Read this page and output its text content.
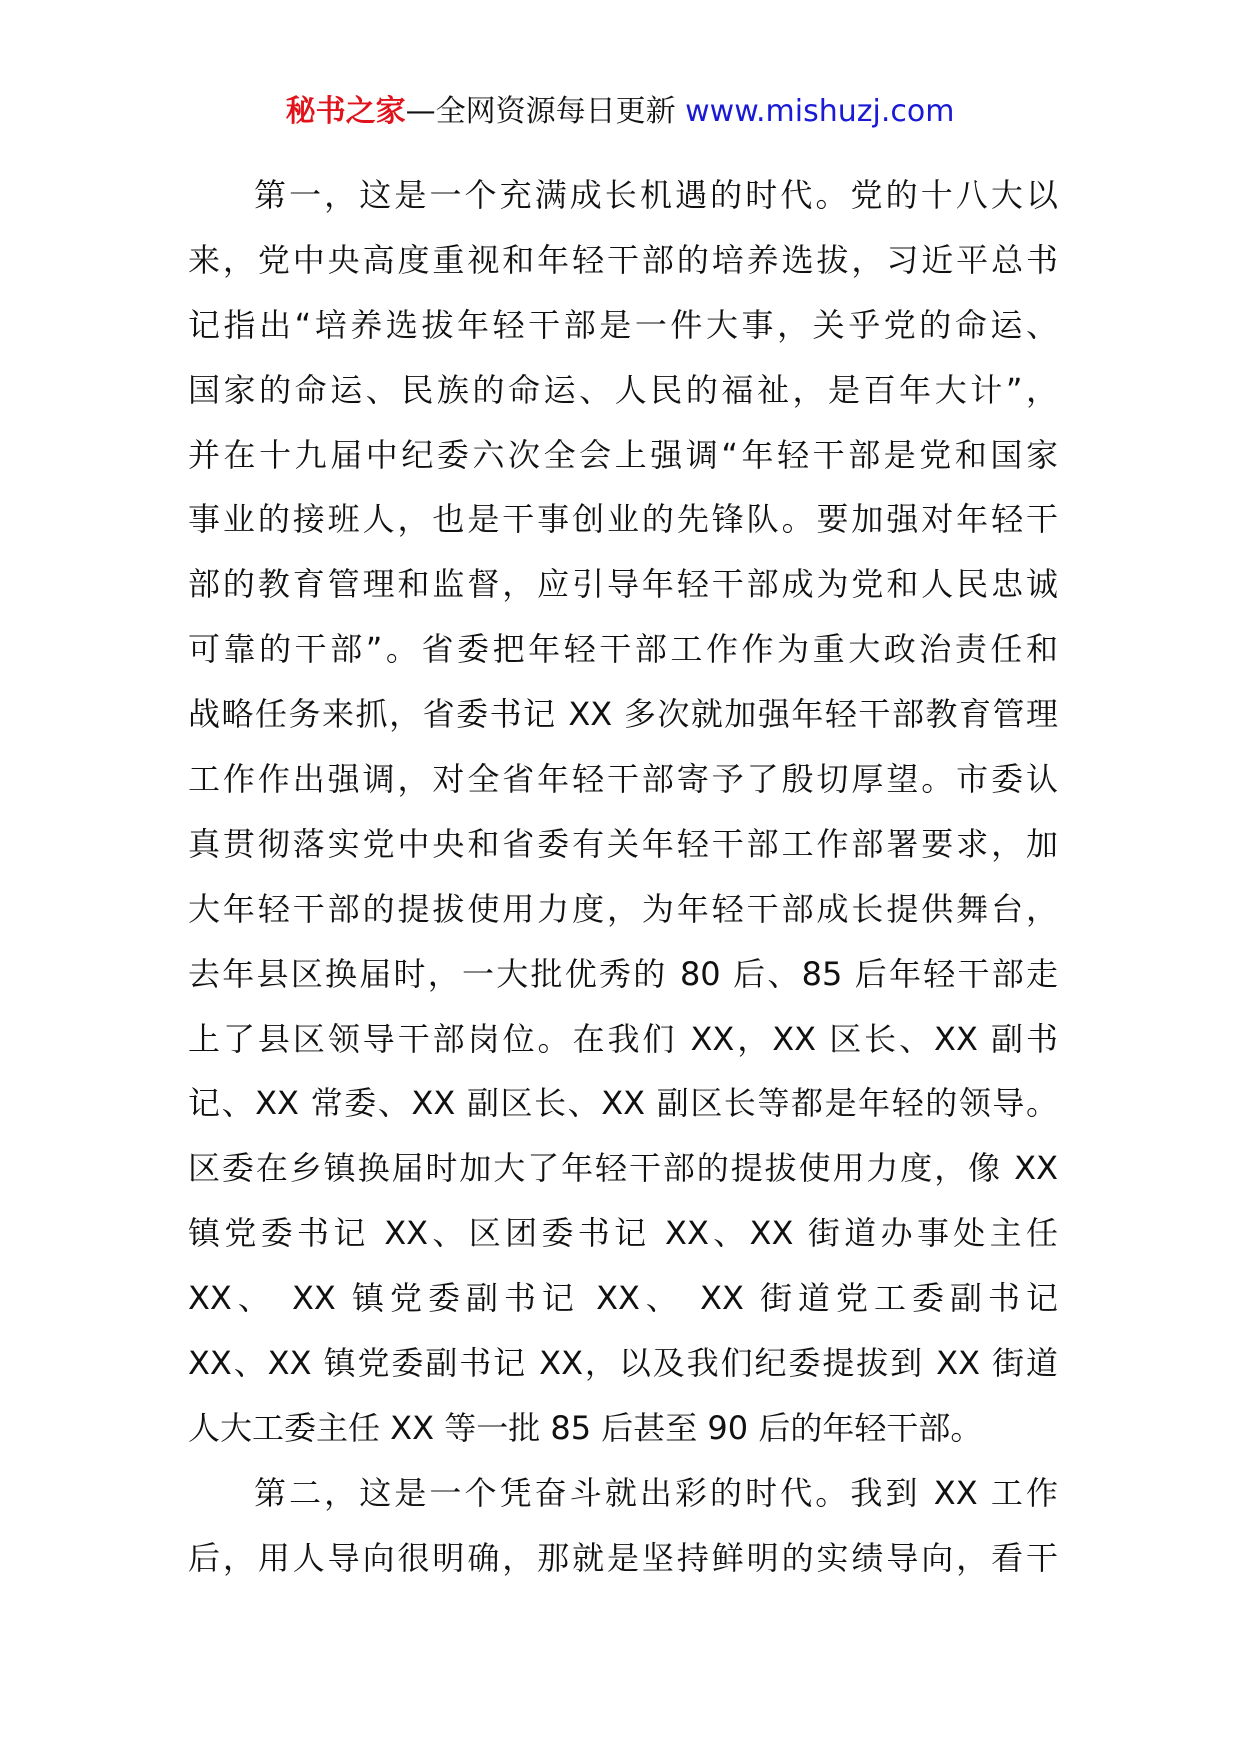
秘书之家—全网资源每日更新 www.mishuzj.com
第一，这是一个充满成长机遇的时代。党的十八大以
来，党中央高度重视和年轻干部的培养选拔，习近平总书
记指出“培养选拔年轻干部是一件大事，关乎党的命运、
国家的命运、民族的命运、人民的福祉，是百年大计”，
并在十九届中纪委六次全会上强调“年轻干部是党和国家
事业的接班人，也是干事创业的先锋队。要加强对年轻干
部的教育管理和监督，应引导年轻干部成为党和人民忠诚
可靠的干部”。省委把年轻干部工作作为重大政治责任和
战略任务来抓，省委书记 XX 多次就加强年轻干部教育管理
工作作出强调，对全省年轻干部寄予了殷切厚望。市委认
真贯彻落实党中央和省委有关年轻干部工作部署要求，加
大年轻干部的提拔使用力度，为年轻干部成长提供舞台，
去年县区换届时，一大批优秀的 80 后、85 后年轻干部走
上了县区领导干部岗位。在我们 XX，XX 区长、XX 副书
记、XX 常委、XX 副区长、XX 副区长等都是年轻的领导。
区委在乡镇换届时加大了年轻干部的提拔使用力度，像 XX
镇党委书记 XX、区团委书记 XX、XX 街道办事处主任
XX、 XX 镇党委副书记 XX、 XX 街道党工委副书记
XX、XX 镇党委副书记 XX，以及我们纪委提拔到 XX 街道
人大工委主任 XX 等一批 85 后甚至 90 后的年轻干部。
第二，这是一个凭奋斗就出彩的时代。我到 XX 工作
后，用人导向很明确，那就是坚持鲜明的实绩导向，看干
